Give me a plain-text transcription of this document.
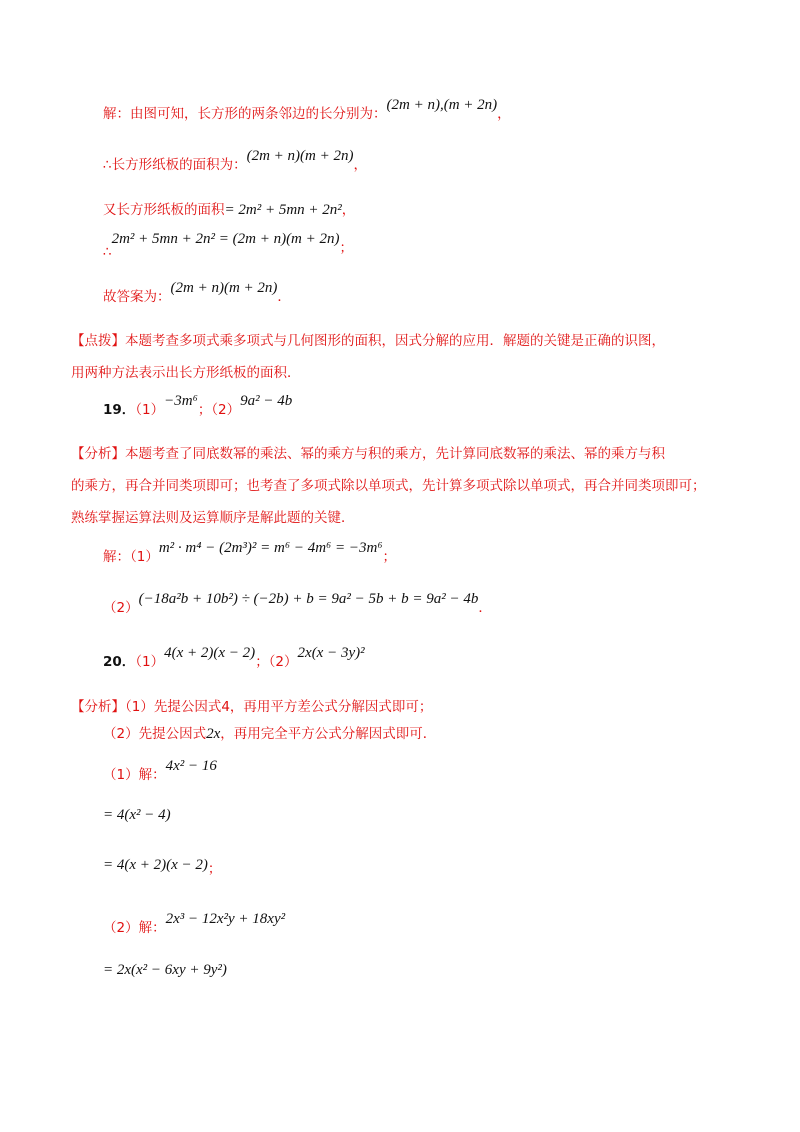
解：由图可知，长方形的两条邻边的长分别为：(2m + n),(m + 2n)，
∴长方形纸板的面积为：(2m + n)(m + 2n)，
又长方形纸板的面积= 2m² + 5mn + 2n²，
∴2m² + 5mn + 2n² = (2m + n)(m + 2n)；
故答案为：(2m + n)(m + 2n)．
【点拨】本题考查多项式乘多项式与几何图形的面积，因式分解的应用．解题的关键是正确的识图，
用两种方法表示出长方形纸板的面积．
19．（1）−3m⁶；（2）9a² − 4b
【分析】本题考查了同底数幂的乘法、幂的乘方与积的乘方，先计算同底数幂的乘法、幂的乘方与积
的乘方，再合并同类项即可；也考查了多项式除以单项式，先计算多项式除以单项式，再合并同类项即可；
熟练掌握运算法则及运算顺序是解此题的关键．
解：（1）m² · m⁴ − (2m³)² = m⁶ − 4m⁶ = −3m⁶；
（2）(−18a²b + 10b²) ÷ (−2b) + b = 9a² − 5b + b = 9a² − 4b．
20．（1）4(x + 2)(x − 2)；（2）2x(x − 3y)²
【分析】（1）先提公因式4，再用平方差公式分解因式即可；
（2）先提公因式2x，再用完全平方公式分解因式即可．
（1）解：4x² − 16
= 4(x² − 4)
= 4(x + 2)(x − 2)；
（2）解：2x³ − 12x²y + 18xy²
= 2x(x² − 6xy + 9y²)
